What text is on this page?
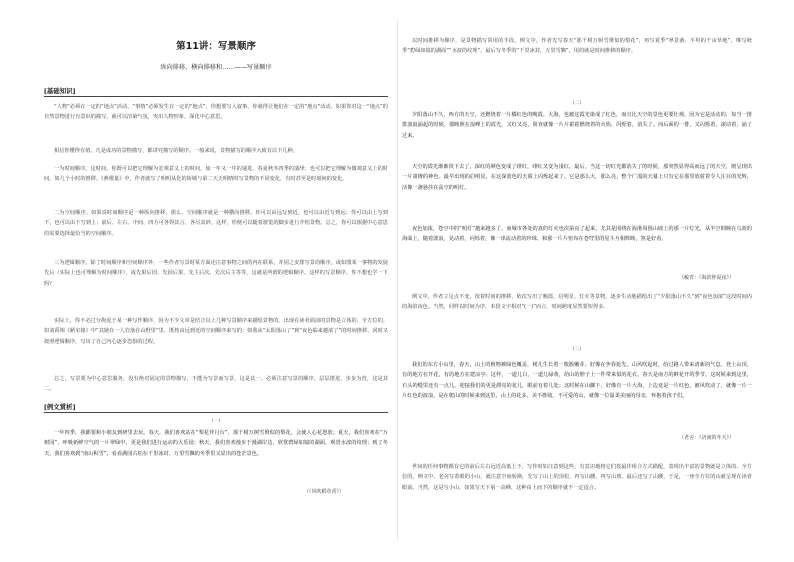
第11讲：写景顺序
纵向排移、横向排移和……——写景顺序
[基础知识]
“人物”必须在一定的“地点”活动，“事情”必须发生在一定的“地点”，你想要写人叙事，你就得让他们在一定的“地点”活动。如果你对这一“地点”的自然景物进行有意识的描写，就可以渲染气氛，突出人物形象，深化中心意思。
相信你懂得有值。凡是成功的景物描写，都讲究描写的顺序。一般来说，景物描写的顺序大致有以下几种。
一为时间顺序。这时间，你既可以把它理解为宏观意义上的时间，如一年又一年的递进、春夏秋冬四季的演绎；也可以把它理解为微观意义上的时间，如几个小时的推移。《燕歌量》中，作者就写了明明从化的街城与第二天天明晴时写景物的不同变化，有时甚至是时刻间的变化。
二为空间顺序。如果说时间顺序是一种纵向推移，那么，空间顺序就是一种横向推移。你可以由远写到近，也可以由近写到远；你可以由上写到下，也可以由下写到上；前后、左右、中间、四方可各得其言，各尽其妙。这样，你便可以随着游览的脚步进行介绍景物。总之，你可以根据中心意思的需要选择最恰当的空间顺序。
三为逻辑顺序。除了时间顺序和空间顺序外，一些作者写景时某方面还注意事物之间的内在联系，并固之安排写景的顺序，或如图某一事物的发展先后（实际上也可理解为时间顺序），或先果后因、先因后果、先主后次、先次后主等等，这就是所谓的逻辑顺序。这样的写景顺序，你不想也学一下吗？
实际上，你不必过分拘泥于某一种写作顺序，因为不少文章是结合以上几种写景顺序来描绘景物的。出现在读者面前的景物是立体的、全方位的。如刘禹锡《陋室铭》中“其她在一人岩落在山野里”里，既按由远到近的空间顺序来写的；如我从“太阳落山了”到“夜色临来越浓了”的时间推移，同时又按照逻辑顺序，写出了自己内心逐步恐惧的过程。
总之，写景要为中心意思服务，没有绝对固定的景物描写，不能为写景而写景，这是其一。必须注意写景的顺序，层层推进，步步为营，这是其二。
[例文赏析]
(一)
一年四季，我都要和小朋友到研里去玩。春天，我们喜欢站在“梨花伴月台”，那千树万树雪堆似的梨花，会使人心花怒放；夏天，我们喜欢在“万树园”，呼吸新鲜空气的一片翠绿中，更是我们进行运动的大乐园；秋天，我们喜欢漫步于漫湖岸边，欣赏碧绿如镜的湖面，观赏水波的纹理；到了冬天，我们喜欢到“南山积雪”，看看满园古松在千里冰封、万里雪飘的冬季里又显出的苍茫景色。
（《风吹稻草香》）
以时间推移为顺序，是景物描写常用的手段。例文中，作者先写春天“那千树万树雪堆似的梨花”，再写夏季“翠景菌、平坦的千亩草地”，继写秋季“碧绿如镜的湖面”“水波的纹理”，最后写冬季的“千里冰封，万里雪飘”，用的就是时间推移的顺序。
(二)
夕阳落山不久，西方的天空，还燃烧着一片橘红色的晚霞。大海，也被这霞光染成了红色，而且比天空的景色更要壮观。因为它是活动的，每当一排排波浪涌起的时候，那映照在浪峰上的霞光，又红又亮，简直就像一片片霍霍燃烧着的火焰，闪烁着，消失了。而后面的一排，又闪烁着，滚动着，涌了过来。
天空的霞光渐渐淡下去了，深红的颜色变成了绯红，绯红又变为浅红。最后，当这一切红光都消失了的时候，那突然显得高而远了的天空，则呈现出一片肃穆的神色。最早出现的启明星，在这深蓝色的天幕上闪烁起来了。它是那么大，那么亮，整个广漠的天幕上只有它在那里放射着令人注目的光辉，活像一盏悬挂在高空的明灯。
夜色加浓，苍空中的“明灯”越来越多了。而城市各处的真的灯火也次第亮了起来，尤其是围绕在海港周围山坡上的那一片灯光，从半空倒映在乌蓝的海面上，随着波浪，晃动着，闪烁着，像一串流动着的珍珠，和那一片片密布在苍穹里的星斗互相辉映，煞是好看。
（峻青：《海滨仲夏夜》）
例文中，作者立足点不变，按着时间的推移，依次写出了晚霞、启明星、灯火等景物，逐步生动地描绘出了“夕阳落山不久”到“夜色加浓”这段时间内的海滨夜色。当然，同样以时间为序，本段文字相对“(一)”而言，时间跨度显然要短得多。
(三)
我们的东方小山里，春天，山上的植物被绿色覆盖，树儿生长着一簇簇嫩芽，好像在争春抢先。山风吹起时，给过路人带来清新的气息。登上山顶，有的地方在开花，有的地方在建凉亭。这样，一道儿白，一道儿绿黄，给山的脖子上一件带来似的花衣。春天是南方的鲜花开的季节，这时候来到这里，石头的缝里还有一点儿，迎接我们的更是漂亮的花儿，眼前有着几处；这时候在山脚下，好像有一片大海，上边竟是一片红色，被风吹动了，就像一片一片红色的波浪。是在爬山的时候来到这里，山上的花多，美不胜收。不可爱的山，就像一位温柔美丽的母亲，怀抱着孩子们。
（老舍：《济南的冬天》）
世间的任何事物都有它的前后左右远近高低上下，写作时如注意到这些，有意识地将它们按最佳组合方式描配，表现出丰富的景物就是立体的、全方位的。例文中，老舍写着眼的小山，就注意空间转换，先写了山上的顶松，再写山腰，再写山坡，最后还写了山腰，于是，一座全方位的山就呈现在读者眼前。当然，这是写小山，如果写天下第一高峰，这种由上而下的顺序就不一定适合。
